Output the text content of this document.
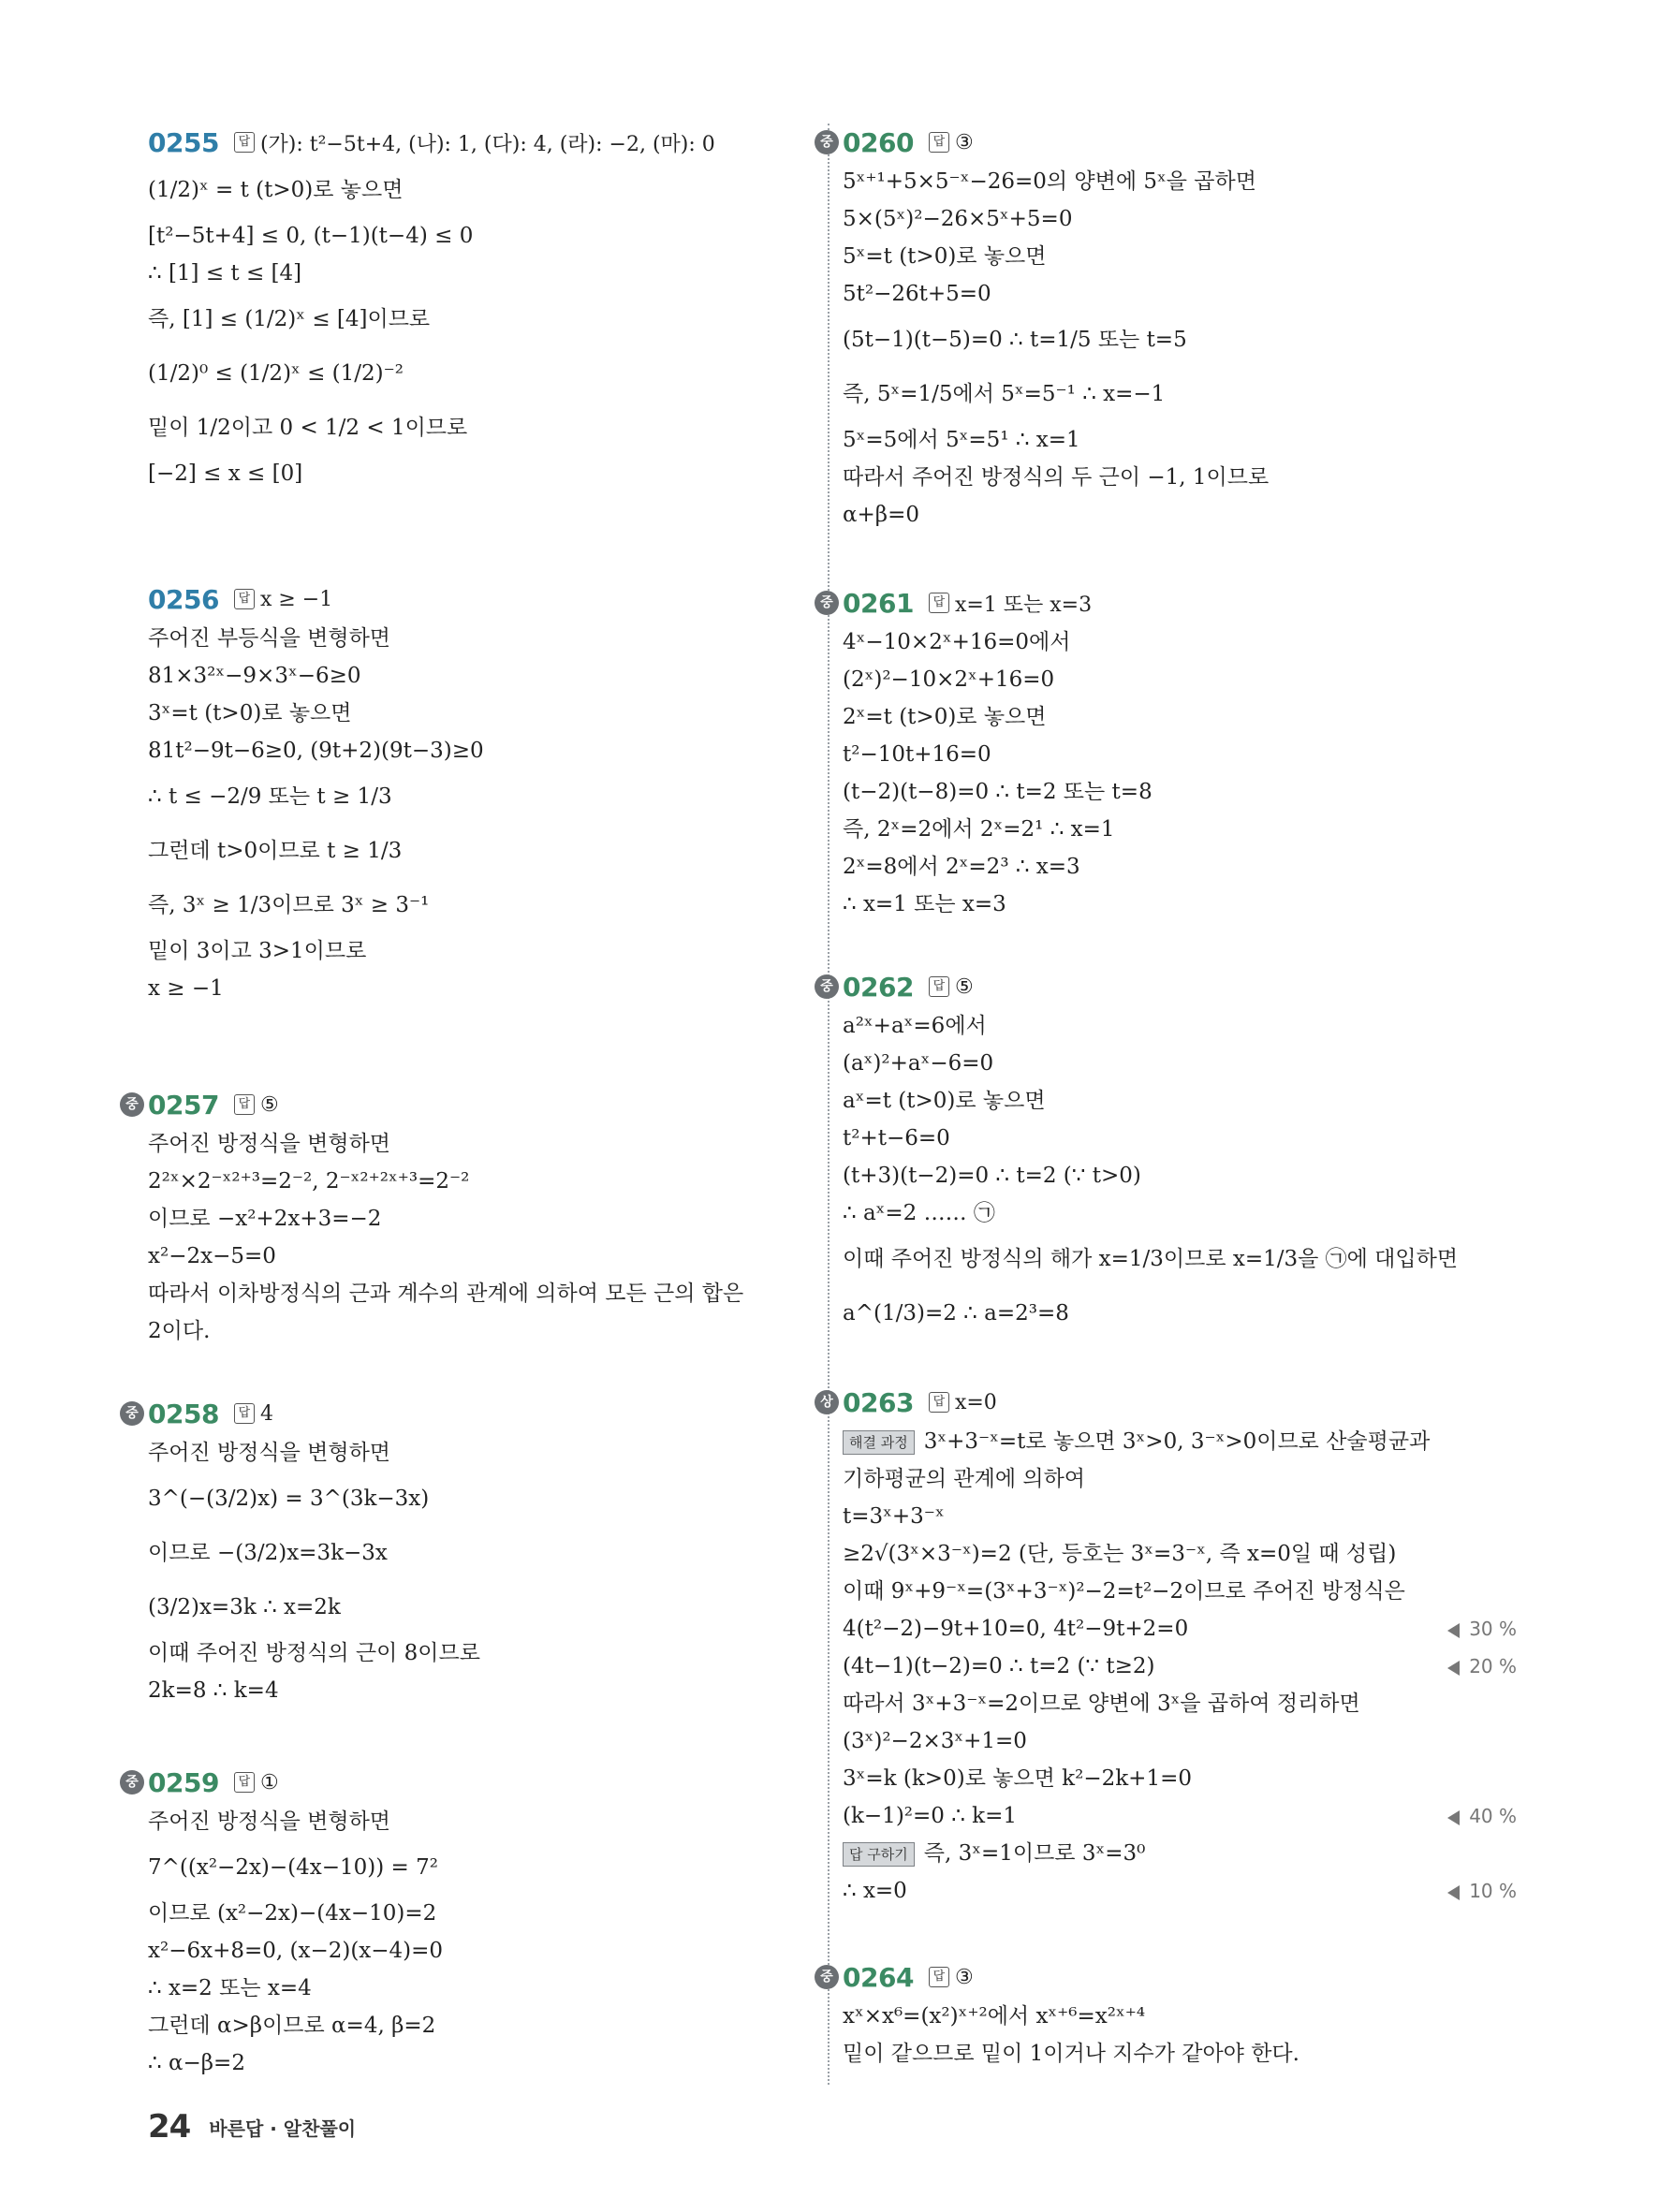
0255	답 (가): t²−5t+4, (나): 1, (다): 4, (라): −2, (마): 0
(1/2)ˣ = t (t>0)로 놓으면
[t²−5t+4] ≤ 0, (t−1)(t−4) ≤ 0
∴ [1] ≤ t ≤ [4]
즉, [1] ≤ (1/2)ˣ ≤ [4]이므로
(1/2)⁰ ≤ (1/2)ˣ ≤ (1/2)⁻²
밑이 1/2이고 0 < 1/2 < 1이므로
[−2] ≤ x ≤ [0]
0256	답 x ≥ −1
주어진 부등식을 변형하면
81×3²ˣ−9×3ˣ−6≥0
3ˣ=t (t>0)로 놓으면
81t²−9t−6≥0, (9t+2)(9t−3)≥0
∴ t ≤ −2/9 또는 t ≥ 1/3
그런데 t>0이므로 t ≥ 1/3
즉, 3ˣ ≥ 1/3이므로 3ˣ ≥ 3⁻¹
밑이 3이고 3>1이므로
x ≥ −1
중 0257	답 ⑤
주어진 방정식을 변형하면
2²ˣ×2⁻ˣ²⁺³=2⁻², 2⁻ˣ²⁺²ˣ⁺³=2⁻²
이므로 −x²+2x+3=−2
x²−2x−5=0
따라서 이차방정식의 근과 계수의 관계에 의하여 모든 근의 합은
2이다.
중 0258	답 4
주어진 방정식을 변형하면
3^(−(3/2)x) = 3^(3k−3x)
이므로 −(3/2)x=3k−3x
(3/2)x=3k ∴ x=2k
이때 주어진 방정식의 근이 8이므로
2k=8 ∴ k=4
중 0259	답 ①
주어진 방정식을 변형하면
7^((x²−2x)−(4x−10)) = 7²
이므로 (x²−2x)−(4x−10)=2
x²−6x+8=0, (x−2)(x−4)=0
∴ x=2 또는 x=4
그런데 α>β이므로 α=4, β=2
∴ α−β=2
중 0260	답 ③
5ˣ⁺¹+5×5⁻ˣ−26=0의 양변에 5ˣ을 곱하면
5×(5ˣ)²−26×5ˣ+5=0
5ˣ=t (t>0)로 놓으면
5t²−26t+5=0
(5t−1)(t−5)=0 ∴ t=1/5 또는 t=5
즉, 5ˣ=1/5에서 5ˣ=5⁻¹ ∴ x=−1
5ˣ=5에서 5ˣ=5¹ ∴ x=1
따라서 주어진 방정식의 두 근이 −1, 1이므로
α+β=0
중 0261	답 x=1 또는 x=3
4ˣ−10×2ˣ+16=0에서
(2ˣ)²−10×2ˣ+16=0
2ˣ=t (t>0)로 놓으면
t²−10t+16=0
(t−2)(t−8)=0 ∴ t=2 또는 t=8
즉, 2ˣ=2에서 2ˣ=2¹ ∴ x=1
2ˣ=8에서 2ˣ=2³ ∴ x=3
∴ x=1 또는 x=3
중 0262	답 ⑤
a²ˣ+aˣ=6에서
(aˣ)²+aˣ−6=0
aˣ=t (t>0)로 놓으면
t²+t−6=0
(t+3)(t−2)=0 ∴ t=2 (∵ t>0)
∴ aˣ=2 …… ㉠
이때 주어진 방정식의 해가 x=1/3이므로 x=1/3을 ㉠에 대입하면
a^(1/3)=2 ∴ a=2³=8
상 0263	답 x=0
해결 과정 3ˣ+3⁻ˣ=t로 놓으면 3ˣ>0, 3⁻ˣ>0이므로 산술평균과
기하평균의 관계에 의하여
t=3ˣ+3⁻ˣ
≥2√(3ˣ×3⁻ˣ)=2 (단, 등호는 3ˣ=3⁻ˣ, 즉 x=0일 때 성립)
이때 9ˣ+9⁻ˣ=(3ˣ+3⁻ˣ)²−2=t²−2이므로 주어진 방정식은
4(t²−2)−9t+10=0, 4t²−9t+2=0	30 %
(4t−1)(t−2)=0 ∴ t=2 (∵ t≥2)	20 %
따라서 3ˣ+3⁻ˣ=2이므로 양변에 3ˣ을 곱하여 정리하면
(3ˣ)²−2×3ˣ+1=0
3ˣ=k (k>0)로 놓으면 k²−2k+1=0
(k−1)²=0 ∴ k=1	40 %
답 구하기 즉, 3ˣ=1이므로 3ˣ=3⁰
∴ x=0	10 %
중 0264	답 ③
xˣ×x⁶=(x²)ˣ⁺²에서 xˣ⁺⁶=x²ˣ⁺⁴
밑이 같으므로 밑이 1이거나 지수가 같아야 한다.
24 바른답 · 알찬풀이
